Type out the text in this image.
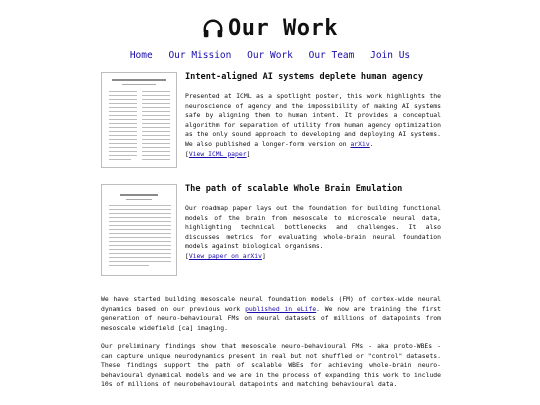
Our Work
Home Our Mission Our Work Our Team Join Us

Intent-aligned AI systems deplete human agency

Presented at ICML as a spotlight poster, this work highlights the neuroscience of agency and the impossibility of making AI systems safe by aligning them to human intent. It provides a conceptual algorithm for separation of utility from human agency optimization as the only sound approach to developing and deploying AI systems. We also published a longer-form version on arXiv.

[View ICML paper]

The path of scalable Whole Brain Emulation

Our roadmap paper lays out the foundation for building functional models of the brain from mesoscale to microscale neural data, highlighting technical bottlenecks and challenges. It also discusses metrics for evaluating whole-brain neural foundation models against biological organisms.

[View paper on arXiv]
We have started building mesoscale neural foundation models (FM) of cortex-wide neural dynamics based on our previous work published in eLife. We now are training the first generation of neuro-behavioural FMs on neural datasets of millions of datapoints from mesoscale widefield [ca] imaging.
Our preliminary findings show that mesoscale neuro-behavioural FMs - aka proto-WBEs - can capture unique neurodynamics present in real but not shuffled or "control" datasets. These findings support the path of scalable WBEs for achieving whole-brain neuro-behavioural dynamical models and we are in the process of expanding this work to include 10s of millions of neurobehavioural datapoints and matching behavioural data.
